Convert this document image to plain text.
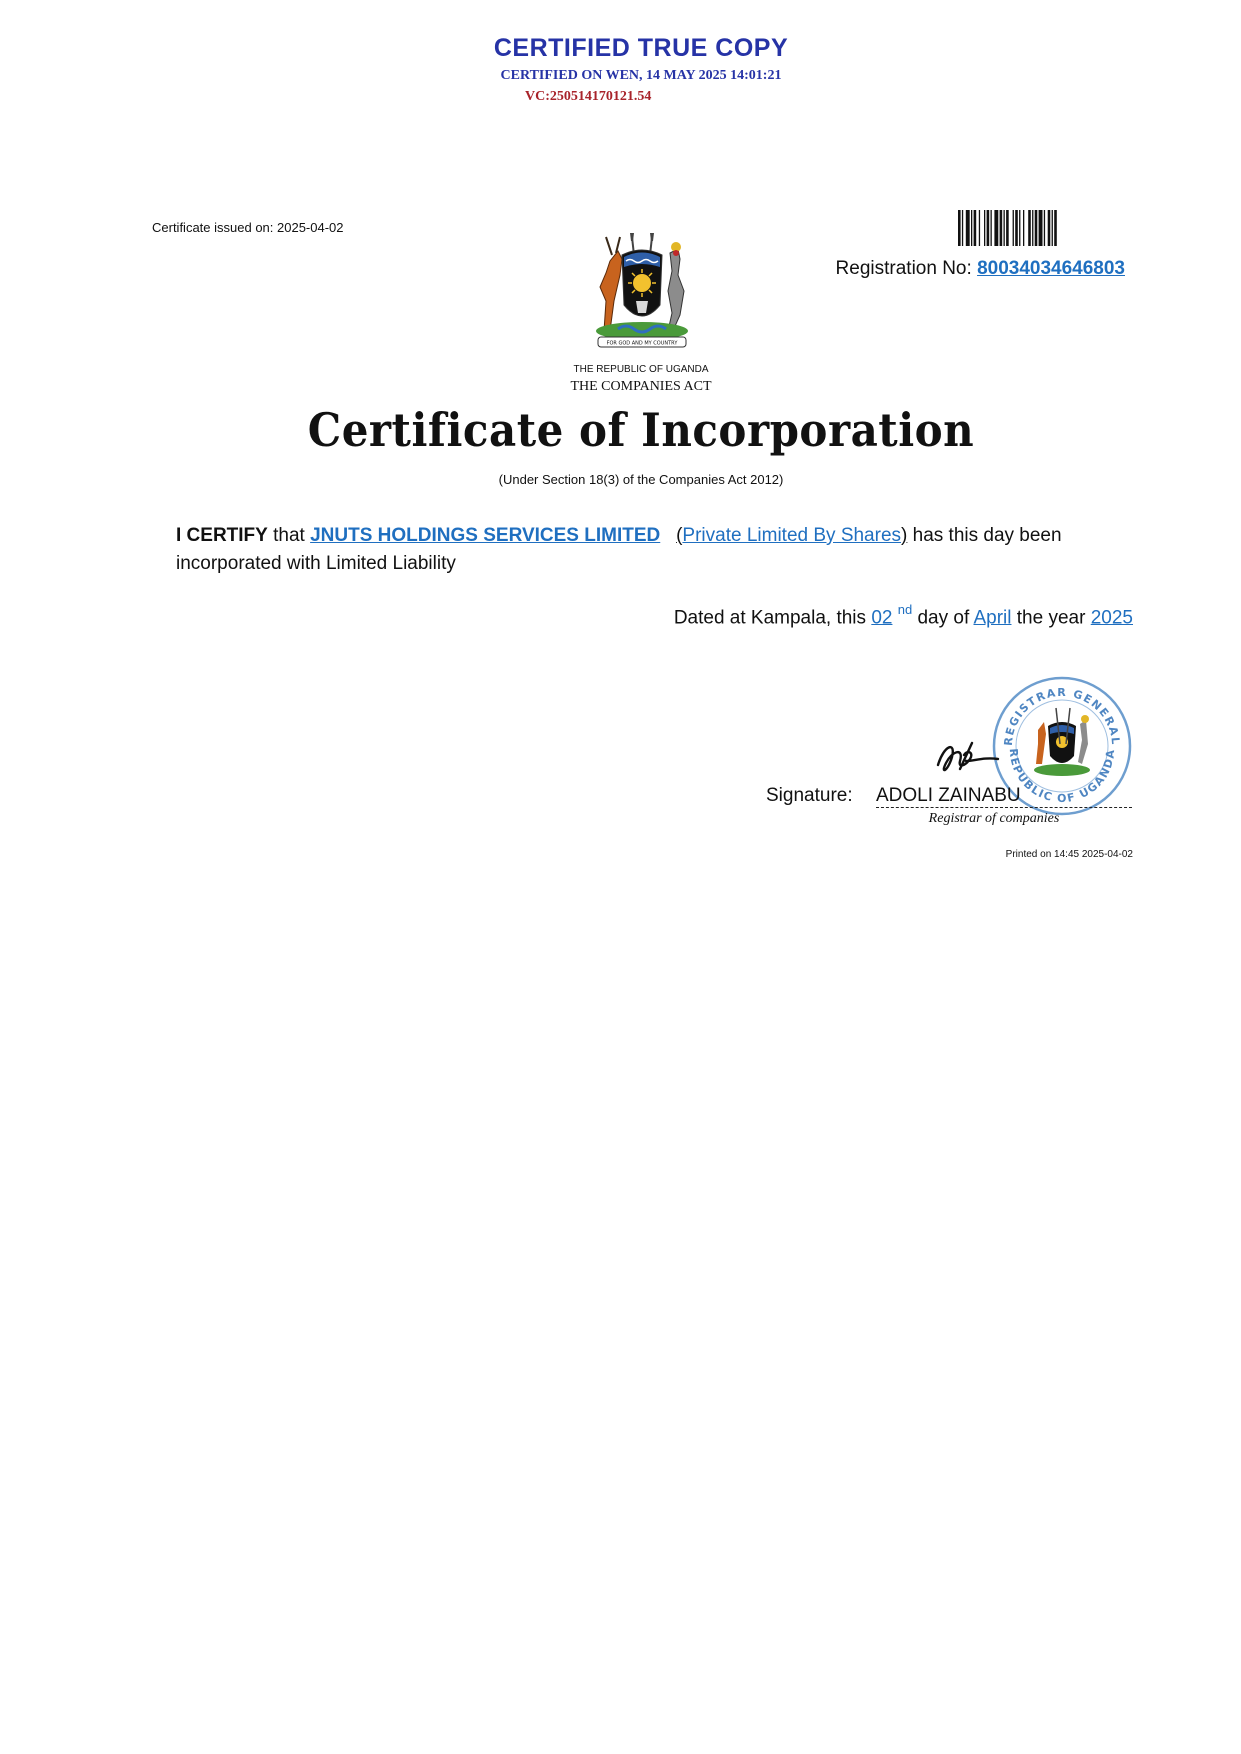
CERTIFIED TRUE COPY
CERTIFIED ON WEN, 14 MAY 2025 14:01:21
VC:250514170121.54
Certificate issued on: 2025-04-02
Registration No: 80034034646803
FOR GOD AND MY COUNTRY
THE REPUBLIC OF UGANDA
THE COMPANIES ACT
Certificate of Incorporation
(Under Section 18(3) of the Companies Act 2012)
I CERTIFY that JNUTS HOLDINGS SERVICES LIMITED (Private Limited By Shares) has this day been
incorporated with Limited Liability
Dated at Kampala, this 02 $^{nd}$ day of April the year 2025
REGISTRAR GENERAL
REPUBLIC OF UGANDA
Signature: ADOLI ZAINABU
Registrar of companies
Printed on 14:45 2025-04-02
